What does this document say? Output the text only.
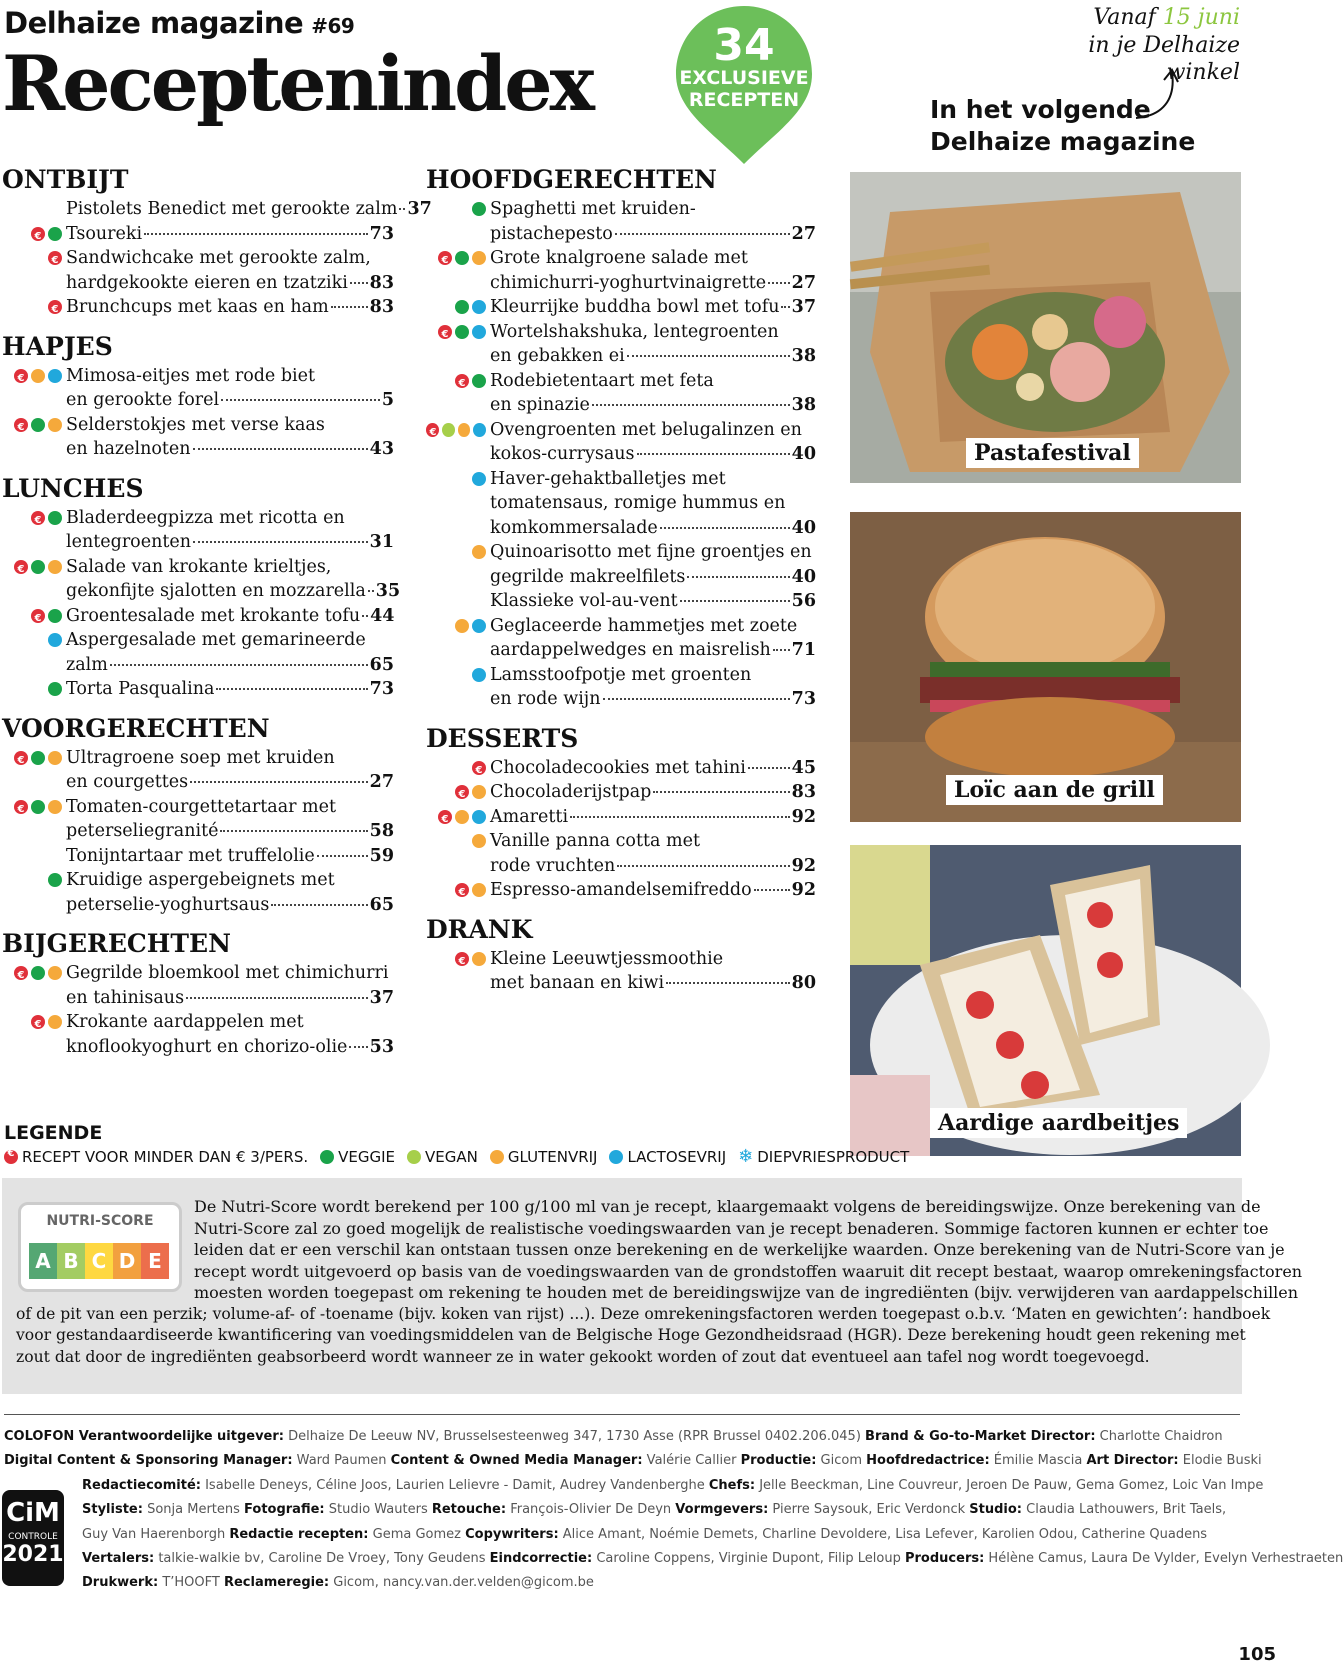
Delhaize magazine #69
Receptenindex	34
EXCLUSIEVE
RECEPTEN
Vanaf 15 juni
in je Delhaize winkel
In het volgende
Delhaize magazine
ONTBIJT
Pistolets Benedict met gerookte zalm 37
€
Tsoureki	73
€
Sandwichcake met gerookte zalm,
hardgekookte eieren en tzatziki 83
€
Brunchcups met kaas en ham 83
HAPJES
€
Mimosa-eitjes met rode biet
en gerookte forel	5
€
Selderstokjes met verse kaas
en hazelnoten	43
LUNCHES
€
Bladerdeegpizza met ricotta en
lentegroenten	31
€
Salade van krokante krieltjes,
gekonfijte sjalotten en mozzarella 35
€
Groentesalade met krokante tofu 44
Aspergesalade met gemarineerde
zalm	65
Torta Pasqualina	73
VOORGERECHTEN
€
Ultragroene soep met kruiden
en courgettes	27
€
Tomaten-courgettetartaar met
peterseliegranité	58
Tonijntartaar met truffelolie	59
Kruidige aspergebeignets met
peterselie-yoghurtsaus	65
BIJGERECHTEN
€
Gegrilde bloemkool met chimichurri
en tahinisaus	37
€
Krokante aardappelen met
knoflookyoghurt en chorizo-olie 53
HOOFDGERECHTEN
Spaghetti met kruiden-
pistachepesto	27
€
Grote knalgroene salade met
chimichurri-yoghurtvinaigrette 27
Kleurrijke buddha bowl met tofu 37
€
Wortelshakshuka, lentegroenten
en gebakken ei	38
€
Rodebietentaart met feta
en spinazie	38
€
Ovengroenten met belugalinzen en
kokos-currysaus	40
Haver-gehaktballetjes met
tomatensaus, romige hummus en
komkommersalade	40
Quinoarisotto met fijne groentjes en
gegrilde makreelfilets	40
Klassieke vol-au-vent	56
Geglaceerde hammetjes met zoete
aardappelwedges en maisrelish 71
Lamsstoofpotje met groenten
en rode wijn	73
DESSERTS
€
Chocoladecookies met tahini	45
€
Chocoladerijstpap	83
€
Amaretti	92
Vanille panna cotta met
rode vruchten	92
€
Espresso-amandelsemifreddo 92
DRANK
€
Kleine Leeuwtjessmoothie
met banaan en kiwi	80
Pastafestival
Loïc aan de grill
Aardige aardbeitjes
LEGENDE
€
RECEPT VOOR MINDER DAN € 3/PERS. VEGGIE VEGAN GLUTENVRIJ LACTOSEVRIJ ❄ DIEPVRIESPRODUCT
NUTRI-SCORE
A B C D E
De Nutri-Score wordt berekend per 100 g/100 ml van je recept, klaargemaakt volgens de bereidingswijze. Onze berekening van de
Nutri-Score zal zo goed mogelijk de realistische voedingswaarden van je recept benaderen. Sommige factoren kunnen er echter toe
leiden dat er een verschil kan ontstaan tussen onze berekening en de werkelijke waarden. Onze berekening van de Nutri-Score van je
recept wordt uitgevoerd op basis van de voedingswaarden van de grondstoffen waaruit dit recept bestaat, waarop omrekeningsfactoren
moesten worden toegepast om rekening te houden met de bereidingswijze van de ingrediënten (bijv. verwijderen van aardappelschillen
of de pit van een perzik; volume-af- of -toename (bijv. koken van rijst) ...). Deze omrekeningsfactoren werden toegepast o.b.v. ‘Maten en gewichten’: handboek
voor gestandaardiseerde kwantificering van voedingsmiddelen van de Belgische Hoge Gezondheidsraad (HGR). Deze berekening houdt geen rekening met
zout dat door de ingrediënten geabsorbeerd wordt wanneer ze in water gekookt worden of zout dat eventueel aan tafel nog wordt toegevoegd.
COLOFON Verantwoordelijke uitgever: Delhaize De Leeuw NV, Brusselsesteenweg 347, 1730 Asse (RPR Brussel 0402.206.045) Brand & Go-to-Market Director: Charlotte Chaidron
Digital Content & Sponsoring Manager: Ward Paumen Content & Owned Media Manager: Valérie Callier Productie: Gicom Hoofdredactrice: Émilie Mascia Art Director: Elodie Buski
Redactiecomité: Isabelle Deneys, Céline Joos, Laurien Lelievre - Damit, Audrey Vandenberghe Chefs: Jelle Beeckman, Line Couvreur, Jeroen De Pauw, Gema Gomez, Loic Van Impe
Styliste: Sonja Mertens Fotografie: Studio Wauters Retouche: François-Olivier De Deyn Vormgevers: Pierre Saysouk, Eric Verdonck Studio: Claudia Lathouwers, Brit Taels,
Guy Van Haerenborgh Redactie recepten: Gema Gomez Copywriters: Alice Amant, Noémie Demets, Charline Devoldere, Lisa Lefever, Karolien Odou, Catherine Quadens
Vertalers: talkie-walkie bv, Caroline De Vroey, Tony Geudens Eindcorrectie: Caroline Coppens, Virginie Dupont, Filip Leloup Producers: Hélène Camus, Laura De Vylder, Evelyn Verhestraeten
Drukwerk: T’HOOFT Reclameregie: Gicom, nancy.van.der.velden@gicom.be
CiM
CONTROLE
2021
105
